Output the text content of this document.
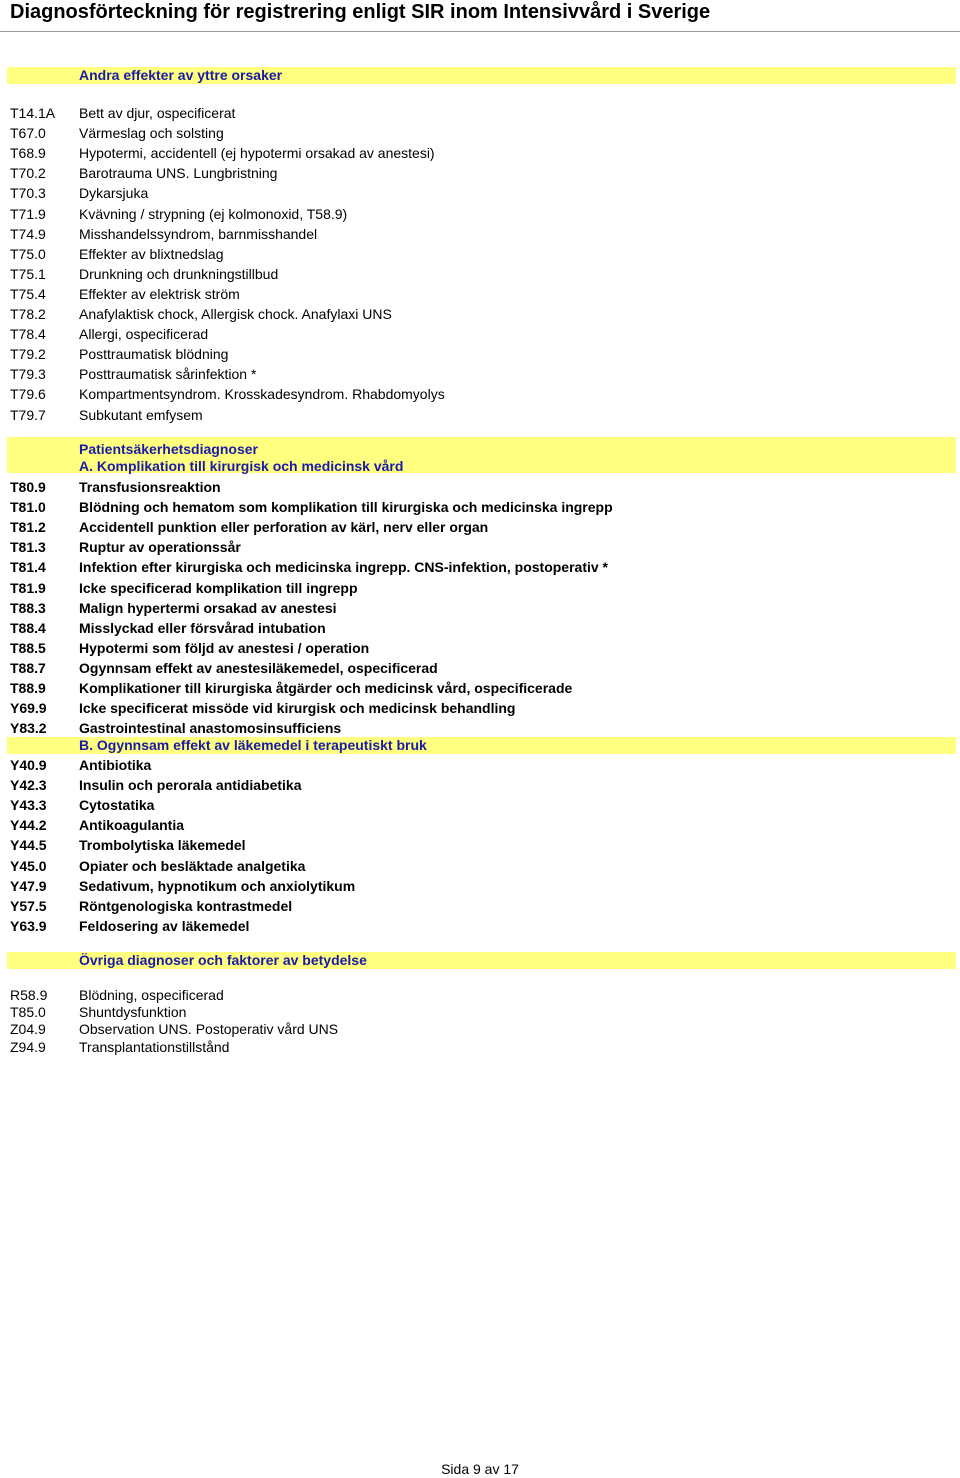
Diagnosförteckning för registrering enligt SIR inom Intensivvård i Sverige
Andra effekter av yttre orsaker
T14.1A Bett av djur, ospecificerat
T67.0 Värmeslag och solsting
T68.9 Hypotermi, accidentell (ej hypotermi orsakad av anestesi)
T70.2 Barotrauma UNS. Lungbristning
T70.3 Dykarsjuka
T71.9 Kvävning / strypning (ej kolmonoxid, T58.9)
T74.9 Misshandelssyndrom, barnmisshandel
T75.0 Effekter av blixtnedslag
T75.1 Drunkning och drunkningstillbud
T75.4 Effekter av elektrisk ström
T78.2 Anafylaktisk chock, Allergisk chock. Anafylaxi UNS
T78.4 Allergi, ospecificerad
T79.2 Posttraumatisk blödning
T79.3 Posttraumatisk sårinfektion *
T79.6 Kompartmentsyndrom. Krosskadesyndrom. Rhabdomyolys
T79.7 Subkutant emfysem
Patientsäkerhetsdiagnoser
A. Komplikation till kirurgisk och medicinsk vård
T80.9 Transfusionsreaktion
T81.0 Blödning och hematom som komplikation till kirurgiska och medicinska ingrepp
T81.2 Accidentell punktion eller perforation av kärl, nerv eller organ
T81.3 Ruptur av operationssår
T81.4 Infektion efter kirurgiska och medicinska ingrepp. CNS-infektion, postoperativ *
T81.9 Icke specificerad komplikation till ingrepp
T88.3 Malign hypertermi orsakad av anestesi
T88.4 Misslyckad eller försvårad intubation
T88.5 Hypotermi som följd av anestesi / operation
T88.7 Ogynnsam effekt av anestesiläkemedel, ospecificerad
T88.9 Komplikationer till kirurgiska åtgärder och medicinsk vård, ospecificerade
Y69.9 Icke specificerat missöde vid kirurgisk och medicinsk behandling
Y83.2 Gastrointestinal anastomosinsufficiens
B. Ogynnsam effekt av läkemedel i terapeutiskt bruk
Y40.9 Antibiotika
Y42.3 Insulin och perorala antidiabetika
Y43.3 Cytostatika
Y44.2 Antikoagulantia
Y44.5 Trombolytiska läkemedel
Y45.0 Opiater och besläktade analgetika
Y47.9 Sedativum, hypnotikum och anxiolytikum
Y57.5 Röntgenologiska kontrastmedel
Y63.9 Feldosering av läkemedel
Övriga diagnoser och faktorer av betydelse
R58.9 Blödning, ospecificerad
T85.0 Shuntdysfunktion
Z04.9 Observation UNS. Postoperativ vård UNS
Z94.9 Transplantationstillstånd
Sida 9 av 17
